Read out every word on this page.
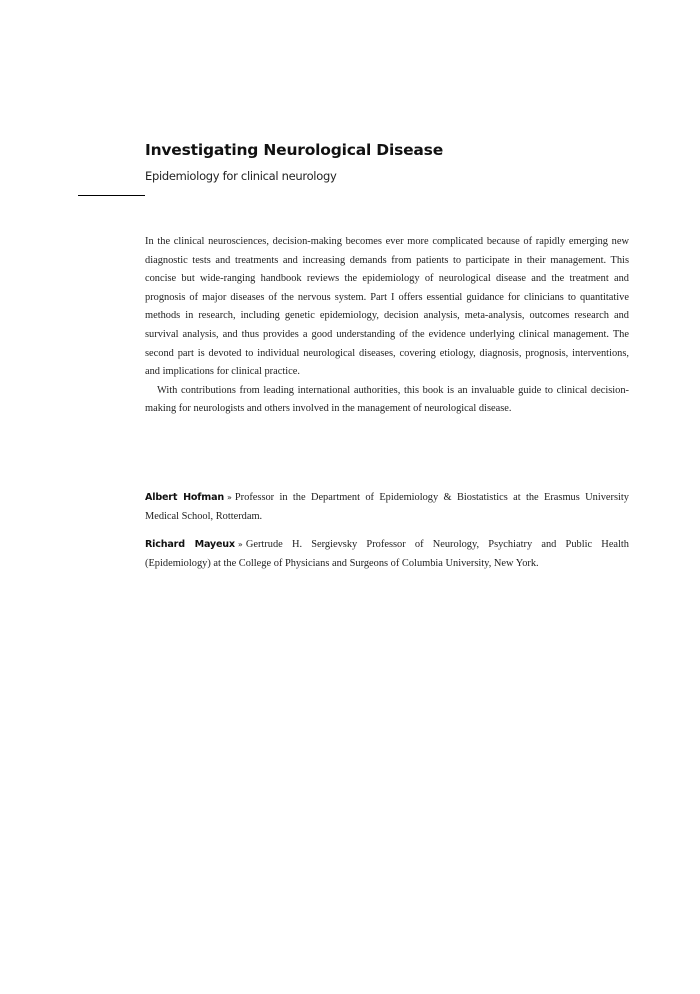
Investigating Neurological Disease
Epidemiology for clinical neurology

In the clinical neurosciences, decision-making becomes ever more complicated because of rapidly emerging new diagnostic tests and treatments and increasing demands from patients to participate in their management. This concise but wide-ranging handbook reviews the epidemiology of neurological disease and the treatment and prognosis of major diseases of the nervous system. Part I offers essential guidance for clinicians to quantitative methods in research, including genetic epidemiology, decision analysis, meta-analysis, outcomes research and survival analysis, and thus provides a good understanding of the evidence underlying clinical management. The second part is devoted to individual neurological diseases, covering etiology, diagnosis, prognosis, interventions, and implications for clinical practice.

With contributions from leading international authorities, this book is an invaluable guide to clinical decision-making for neurologists and others involved in the management of neurological disease.

Albert Hofman » Professor in the Department of Epidemiology & Biostatistics at the Erasmus University Medical School, Rotterdam.

Richard Mayeux » Gertrude H. Sergievsky Professor of Neurology, Psychiatry and Public Health (Epidemiology) at the College of Physicians and Surgeons of Columbia University, New York.
